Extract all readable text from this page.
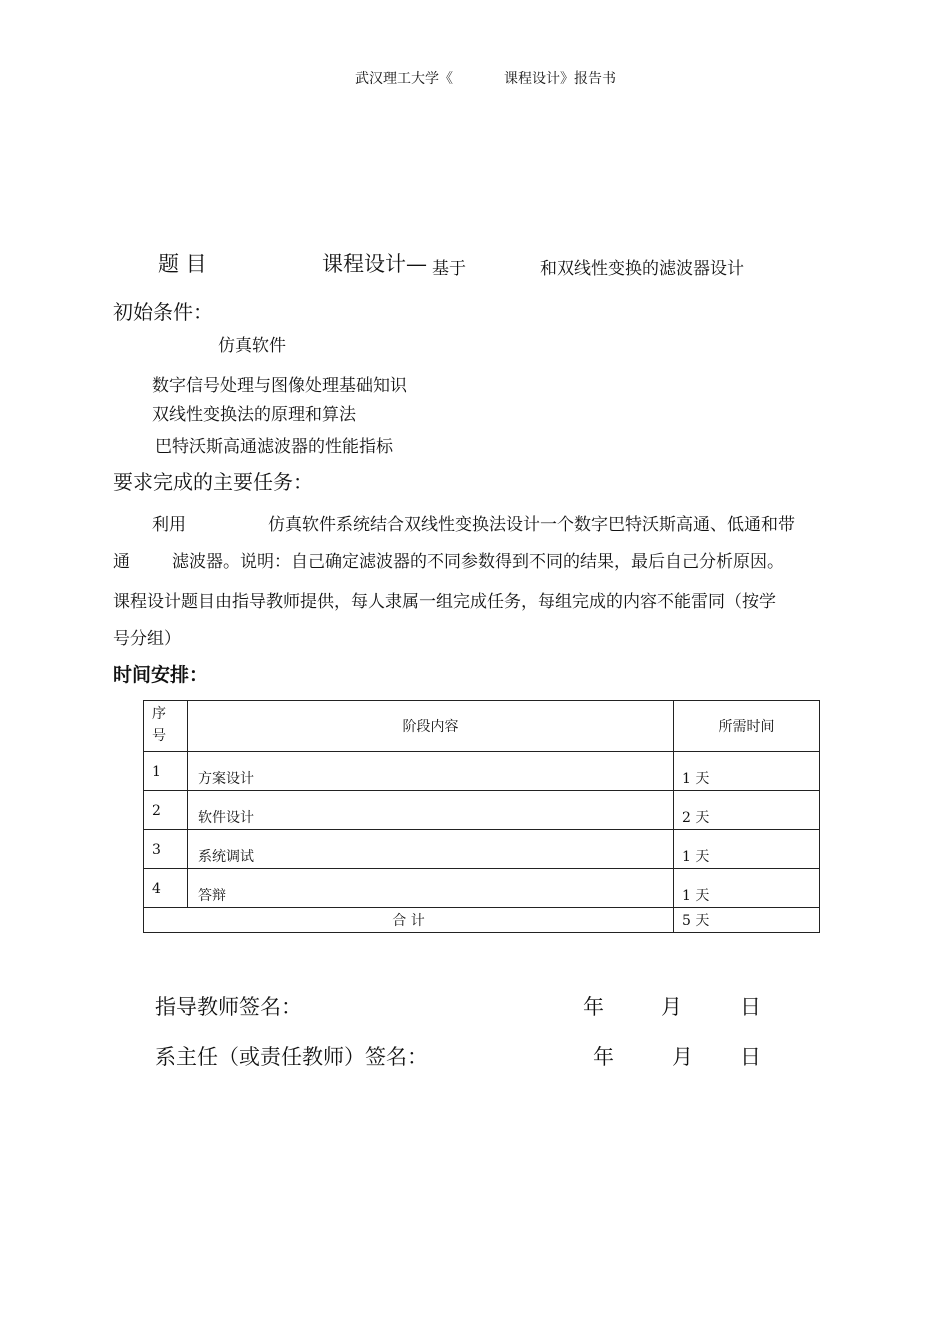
武汉理工大学《	课程设计》报告书
题 目	课程设计— 基于	和双线性变换的滤波器设计
初始条件：
仿真软件
数字信号处理与图像处理基础知识
双线性变换法的原理和算法
巴特沃斯高通滤波器的性能指标
要求完成的主要任务：
利用	仿真软件系统结合双线性变换法设计一个数字巴特沃斯高通、低通和带
通 滤波器。说明：自己确定滤波器的不同参数得到不同的结果，最后自己分析原因。
课程设计题目由指导教师提供，每人隶属一组完成任务，每组完成的内容不能雷同（按学
号分组）
时间安排：
序
号	阶段内容	所需时间
1	方案设计	1 天
2	软件设计	2 天
3	系统调试	1 天
4	答辩	1 天
合 计		5 天
指导教师签名：	年	月	日
系主任（或责任教师）签名：	年	月 日
